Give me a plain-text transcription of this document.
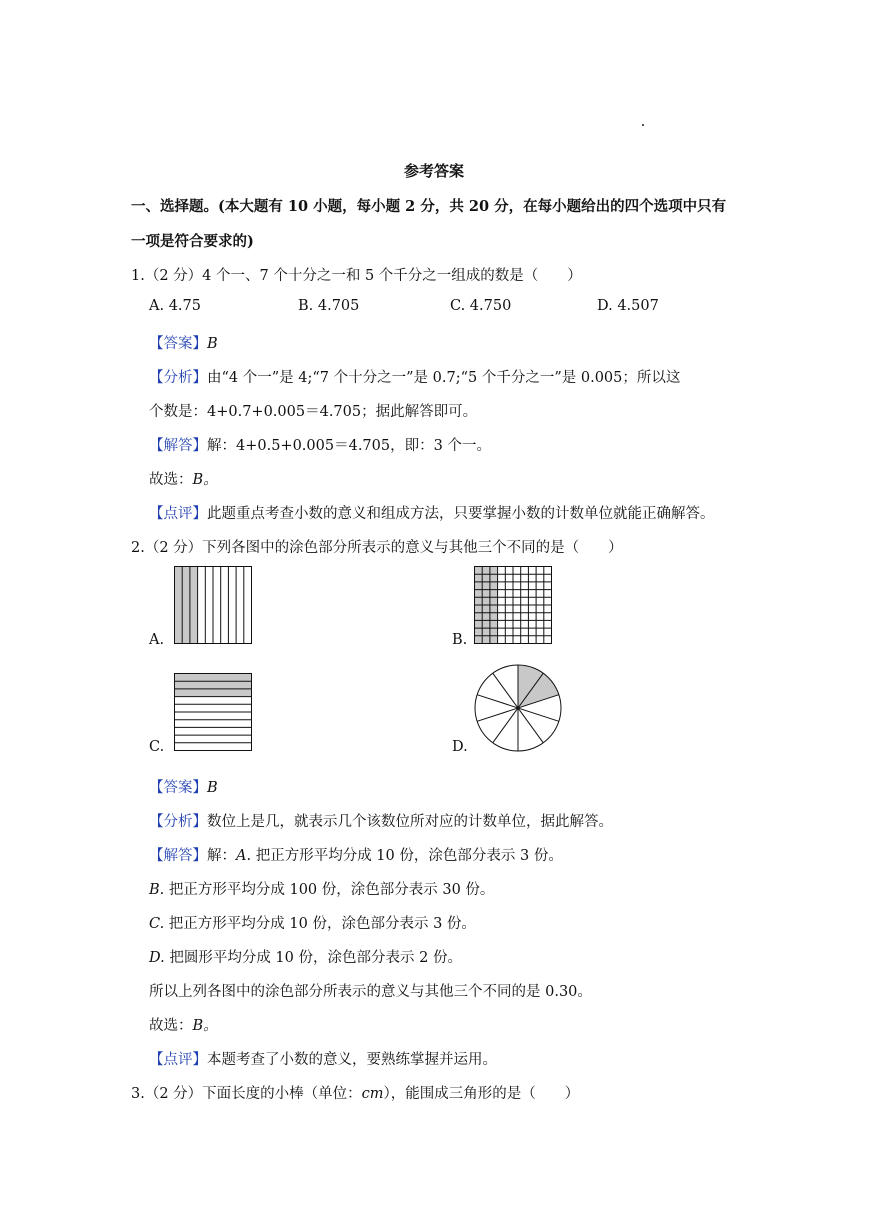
参考答案
一、选择题。(本大题有 10 小题，每小题 2 分，共 20 分，在每小题给出的四个选项中只有
一项是符合要求的)
1.（2 分）4 个一、7 个十分之一和 5 个千分之一组成的数是（　　）
A. 4.75	B. 4.705	C. 4.750	D. 4.507
【答案】B
【分析】由“4 个一”是 4;“7 个十分之一”是 0.7;“5 个千分之一”是 0.005；所以这
个数是：4+0.7+0.005＝4.705；据此解答即可。
【解答】解：4+0.5+0.005＝4.705，即：3 个一。
故选：B。
【点评】此题重点考查小数的意义和组成方法，只要掌握小数的计数单位就能正确解答。
2.（2 分）下列各图中的涂色部分所表示的意义与其他三个不同的是（　　）
A.	B.
C.	D.
【答案】B
【分析】数位上是几，就表示几个该数位所对应的计数单位，据此解答。
【解答】解：A. 把正方形平均分成 10 份，涂色部分表示 3 份。
B. 把正方形平均分成 100 份，涂色部分表示 30 份。
C. 把正方形平均分成 10 份，涂色部分表示 3 份。
D. 把圆形平均分成 10 份，涂色部分表示 2 份。
所以上列各图中的涂色部分所表示的意义与其他三个不同的是 0.30。
故选：B。
【点评】本题考查了小数的意义，要熟练掌握并运用。
3.（2 分）下面长度的小棒（单位：cm），能围成三角形的是（　　）
